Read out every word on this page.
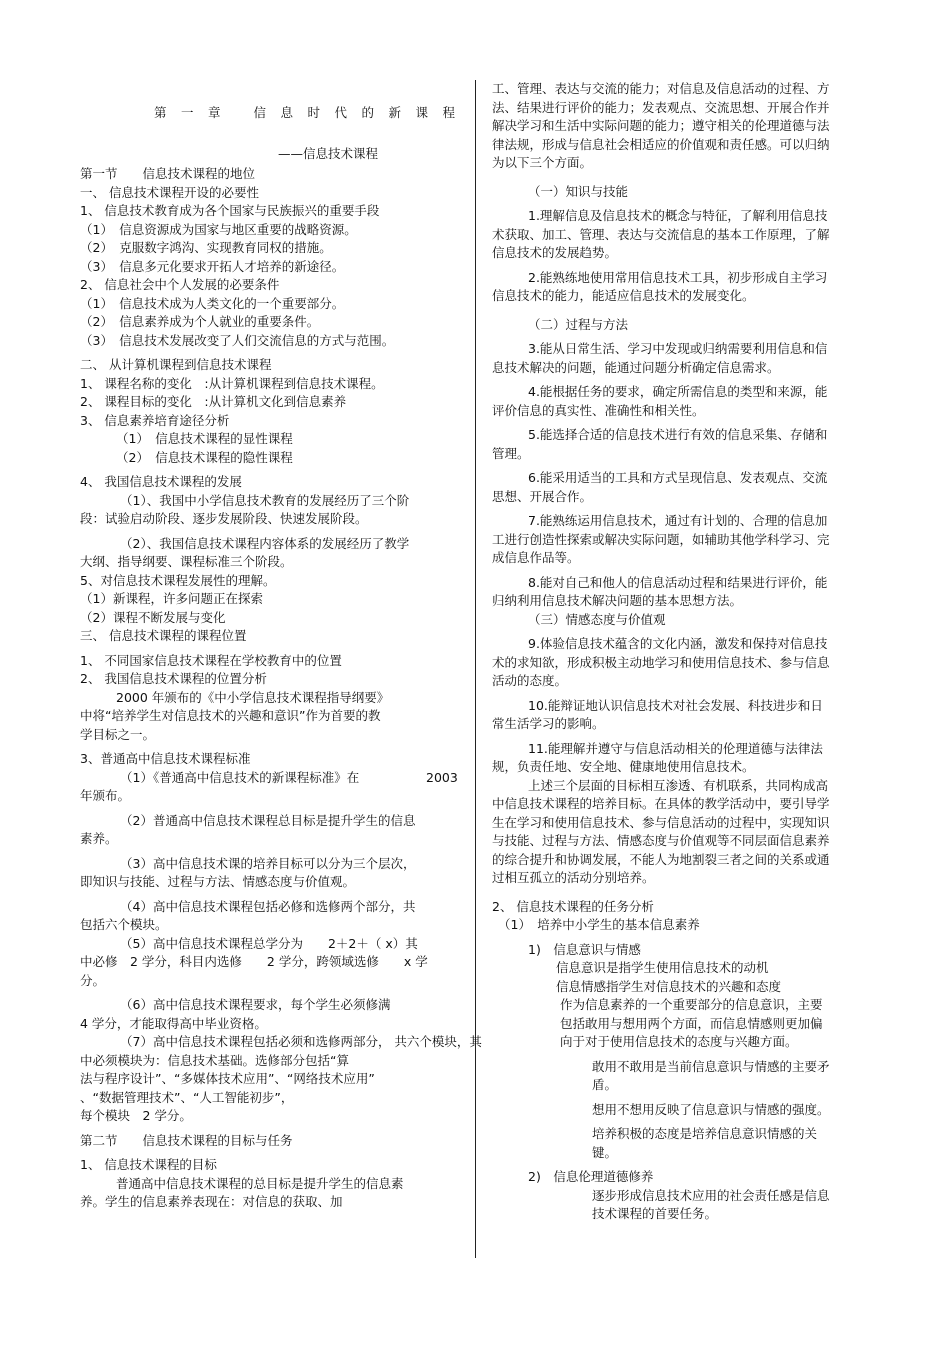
第一章 信息时代的新课程
——信息技术课程
第一节　　信息技术课程的地位
一、 信息技术课程开设的必要性
1、 信息技术教育成为各个国家与民族振兴的重要手段
（1）　信息资源成为国家与地区重要的战略资源。
（2）　克服数字鸿沟、实现教育同权的措施。
（3）　信息多元化要求开拓人才培养的新途径。
2、 信息社会中个人发展的必要条件
（1）　信息技术成为人类文化的一个重要部分。
（2）　信息素养成为个人就业的重要条件。
（3）　信息技术发展改变了人们交流信息的方式与范围。
二、 从计算机课程到信息技术课程
1、 课程名称的变化　:从计算机课程到信息技术课程。
2、 课程目标的变化　:从计算机文化到信息素养
3、 信息素养培育途径分析
（1）　信息技术课程的显性课程
（2）　信息技术课程的隐性课程
4、 我国信息技术课程的发展
（1）、我国中小学信息技术教育的发展经历了三个阶段：试验启动阶段、逐步发展阶段、快速发展阶段。
（2）、我国信息技术课程内容体系的发展经历了教学大纲、指导纲要、课程标准三个阶段。
5、对信息技术课程发展性的理解。
（1）新课程，许多问题正在探索
（2）课程不断发展与变化
三、 信息技术课程的课程位置
1、 不同国家信息技术课程在学校教育中的位置
2、 我国信息技术课程的位置分析
2000 年颁布的《中小学信息技术课程指导纲要》中将“培养学生对信息技术的兴趣和意识”作为首要的教学目标之一。
3、普通高中信息技术课程标准
（1）《普通高中信息技术的新课程标准》在	2003
年颁布。
（2）普通高中信息技术课程总目标是提升学生的信息素养。
（3）高中信息技术课的培养目标可以分为三个层次，即知识与技能、过程与方法、情感态度与价值观。
（4）高中信息技术课程包括必修和选修两个部分，共包括六个模块。
（5）高中信息技术课程总学分为　　2＋2＋（ x）其
中必修　2 学分，科目内选修　　2 学分，跨领域选修　　x 学
分。
（6）高中信息技术课程要求，每个学生必须修满
4 学分，才能取得高中毕业资格。
（7）高中信息技术课程包括必须和选修两部分， 共六个模块，其
中必须模块为：信息技术基础。选修部分包括“算
法与程序设计”、“多媒体技术应用”、“网络技术应用”
、“数据管理技术”、“人工智能初步”，
每个模块　2 学分。
第二节　　信息技术课程的目标与任务
1、 信息技术课程的目标
普通高中信息技术课程的总目标是提升学生的信息素养。学生的信息素养表现在：对信息的获取、加
工、管理、表达与交流的能力；对信息及信息活动的过程、方法、结果进行评价的能力；发表观点、交流思想、开展合作并解决学习和生活中实际问题的能力；遵守相关的伦理道德与法律法规，形成与信息社会相适应的价值观和责任感。可以归纳为以下三个方面。
（一）知识与技能
1.理解信息及信息技术的概念与特征，了解利用信息技术获取、加工、管理、表达与交流信息的基本工作原理，了解信息技术的发展趋势。
2.能熟练地使用常用信息技术工具，初步形成自主学习信息技术的能力，能适应信息技术的发展变化。
（二）过程与方法
3.能从日常生活、学习中发现或归纳需要利用信息和信息技术解决的问题，能通过问题分析确定信息需求。
4.能根据任务的要求，确定所需信息的类型和来源，能评价信息的真实性、准确性和相关性。
5.能选择合适的信息技术进行有效的信息采集、存储和管理。
6.能采用适当的工具和方式呈现信息、发表观点、交流思想、开展合作。
7.能熟练运用信息技术，通过有计划的、合理的信息加工进行创造性探索或解决实际问题，如辅助其他学科学习、完成信息作品等。
8.能对自己和他人的信息活动过程和结果进行评价，能归纳利用信息技术解决问题的基本思想方法。
（三）情感态度与价值观
9.体验信息技术蕴含的文化内涵，激发和保持对信息技术的求知欲，形成积极主动地学习和使用信息技术、参与信息活动的态度。
10.能辩证地认识信息技术对社会发展、科技进步和日常生活学习的影响。
11.能理解并遵守与信息活动相关的伦理道德与法律法规，负责任地、安全地、健康地使用信息技术。
上述三个层面的目标相互渗透、有机联系，共同构成高中信息技术课程的培养目标。在具体的教学活动中，要引导学生在学习和使用信息技术、参与信息活动的过程中，实现知识与技能、过程与方法、情感态度与价值观等不同层面信息素养的综合提升和协调发展，不能人为地割裂三者之间的关系或通过相互孤立的活动分别培养。
2、 信息技术课程的任务分析
（1）　培养中小学生的基本信息素养
1)　信息意识与情感
信息意识是指学生使用信息技术的动机
信息情感指学生对信息技术的兴趣和态度
作为信息素养的一个重要部分的信息意识，主要包括敢用与想用两个方面，而信息情感则更加偏向于对于使用信息技术的态度与兴趣方面。
敢用不敢用是当前信息意识与情感的主要矛盾。
想用不想用反映了信息意识与情感的强度。
培养积极的态度是培养信息意识情感的关键。
2)　信息伦理道德修养
逐步形成信息技术应用的社会责任感是信息技术课程的首要任务。
